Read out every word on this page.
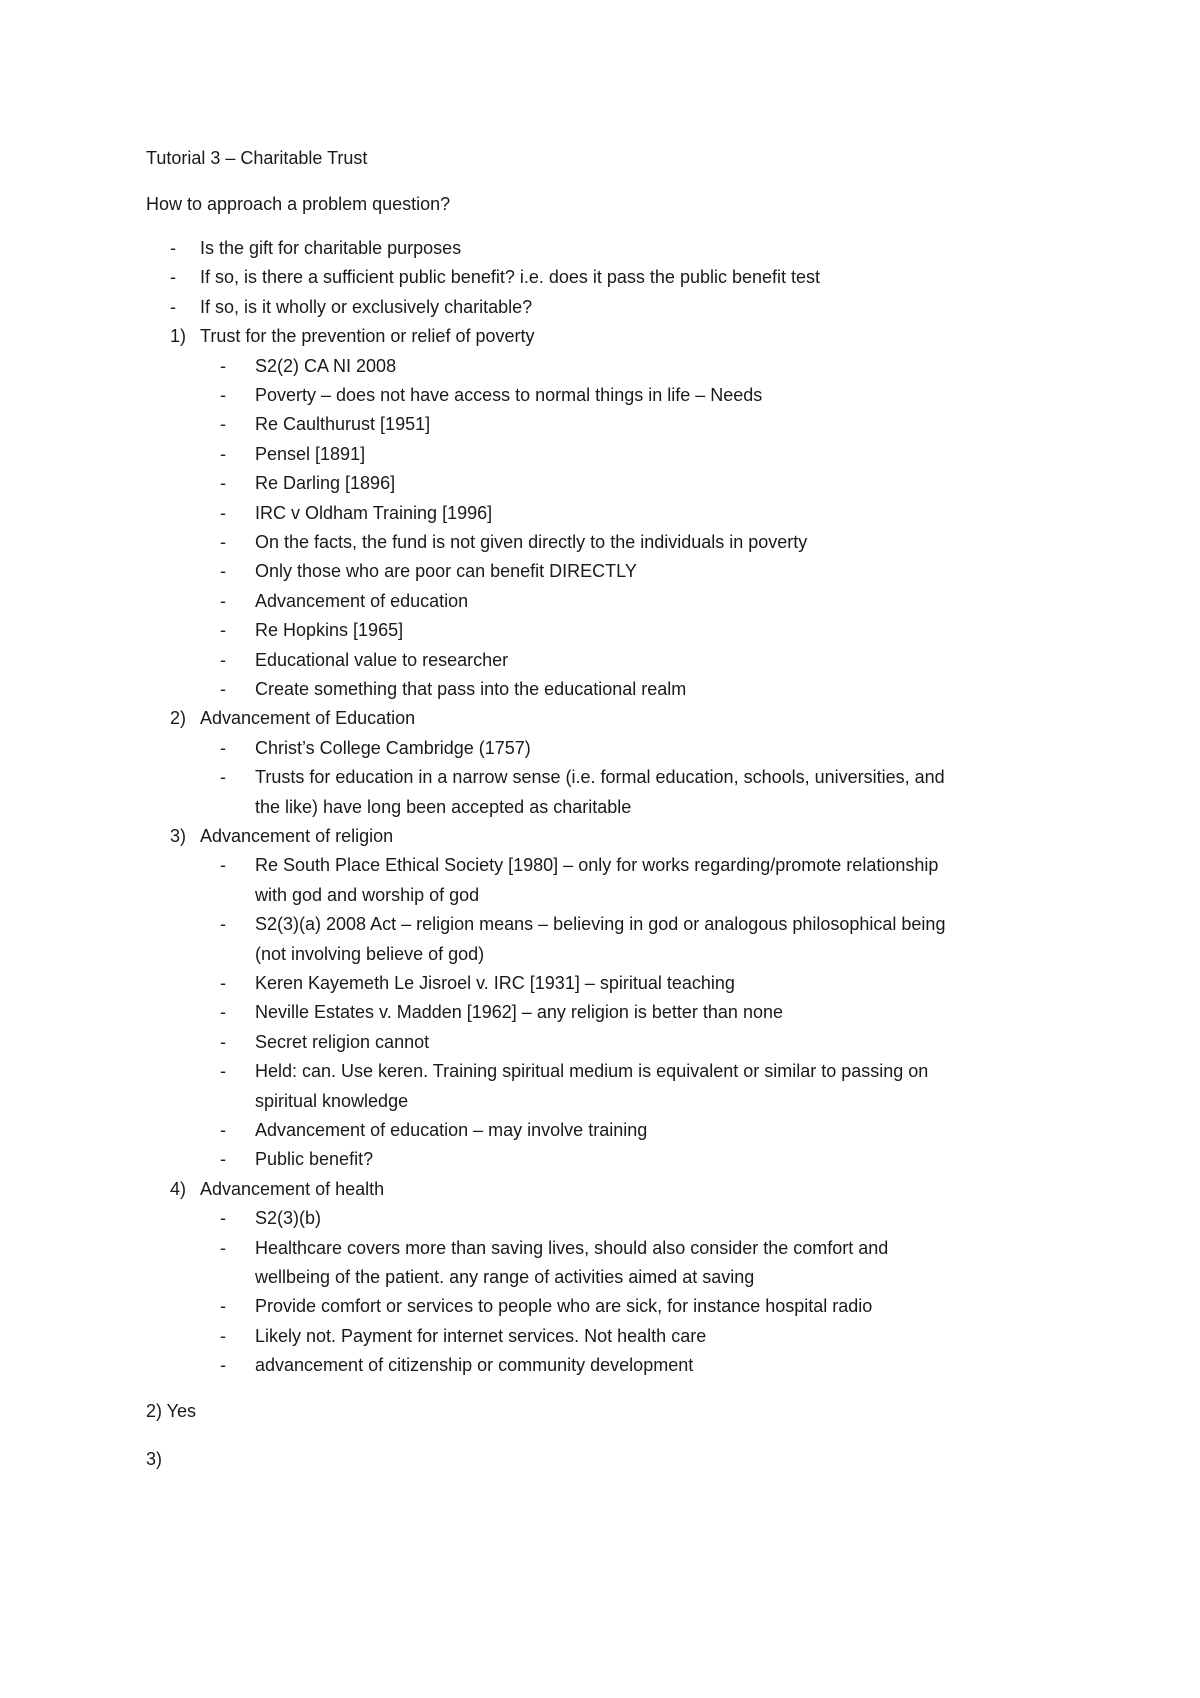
Tutorial 3 – Charitable Trust
How to approach a problem question?
- Is the gift for charitable purposes
- If so, is there a sufficient public benefit? i.e. does it pass the public benefit test
- If so, is it wholly or exclusively charitable?
1) Trust for the prevention or relief of poverty
- S2(2) CA NI 2008
- Poverty – does not have access to normal things in life – Needs
- Re Caulthurust [1951]
- Pensel [1891]
- Re Darling [1896]
- IRC v Oldham Training [1996]
- On the facts, the fund is not given directly to the individuals in poverty
- Only those who are poor can benefit DIRECTLY
- Advancement of education
- Re Hopkins [1965]
- Educational value to researcher
- Create something that pass into the educational realm
2) Advancement of Education
- Christ’s College Cambridge (1757)
- Trusts for education in a narrow sense (i.e. formal education, schools, universities, and
the like) have long been accepted as charitable
3) Advancement of religion
- Re South Place Ethical Society [1980] – only for works regarding/promote relationship
with god and worship of god
- S2(3)(a) 2008 Act – religion means – believing in god or analogous philosophical being
(not involving believe of god)
- Keren Kayemeth Le Jisroel v. IRC [1931] – spiritual teaching
- Neville Estates v. Madden [1962] – any religion is better than none
- Secret religion cannot
- Held: can. Use keren. Training spiritual medium is equivalent or similar to passing on
spiritual knowledge
- Advancement of education – may involve training
- Public benefit?
4) Advancement of health
- S2(3)(b)
- Healthcare covers more than saving lives, should also consider the comfort and
wellbeing of the patient. any range of activities aimed at saving
- Provide comfort or services to people who are sick, for instance hospital radio
- Likely not. Payment for internet services. Not health care
- advancement of citizenship or community development
2) Yes
3)
